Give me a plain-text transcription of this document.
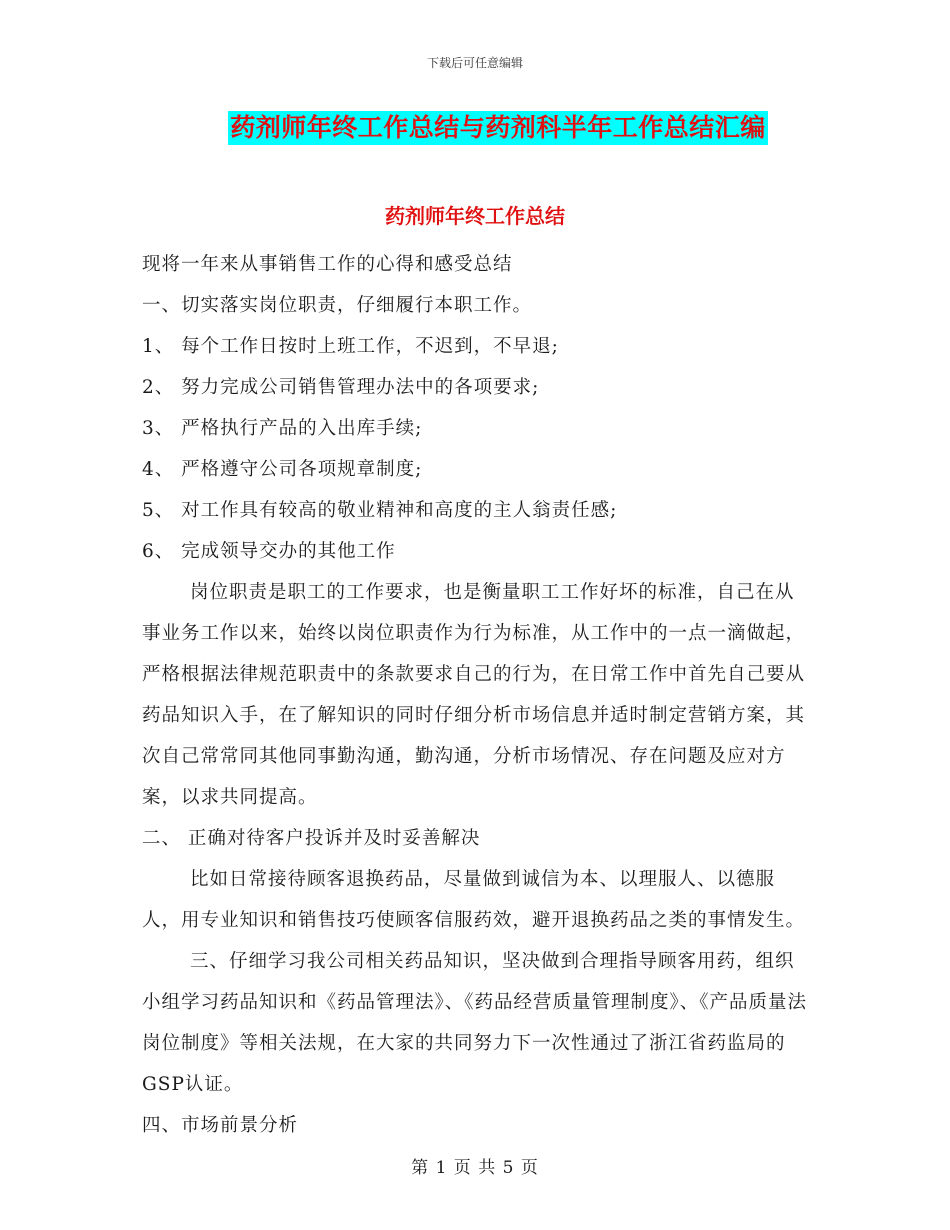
下载后可任意编辑
药剂师年终工作总结与药剂科半年工作总结汇编
药剂师年终工作总结

现将一年来从事销售工作的心得和感受总结

一、切实落实岗位职责，仔细履行本职工作。

1、 每个工作日按时上班工作，不迟到，不早退;

2、 努力完成公司销售管理办法中的各项要求;

3、 严格执行产品的入出库手续;

4、 严格遵守公司各项规章制度;

5、 对工作具有较高的敬业精神和高度的主人翁责任感;

6、 完成领导交办的其他工作

岗位职责是职工的工作要求，也是衡量职工工作好坏的标准，自己在从事业务工作以来，始终以岗位职责作为行为标准，从工作中的一点一滴做起，严格根据法律规范职责中的条款要求自己的行为，在日常工作中首先自己要从药品知识入手，在了解知识的同时仔细分析市场信息并适时制定营销方案，其次自己常常同其他同事勤沟通，勤沟通，分析市场情况、存在问题及应对方案，以求共同提高。

二、 正确对待客户投诉并及时妥善解决

比如日常接待顾客退换药品，尽量做到诚信为本、以理服人、以德服人，用专业知识和销售技巧使顾客信服药效，避开退换药品之类的事情发生。

三、仔细学习我公司相关药品知识，坚决做到合理指导顾客用药，组织小组学习药品知识和《药品管理法》、《药品经营质量管理制度》、《产品质量法岗位制度》等相关法规，在大家的共同努力下一次性通过了浙江省药监局的GSP认证。

四、市场前景分析

第 1 页 共 5 页
